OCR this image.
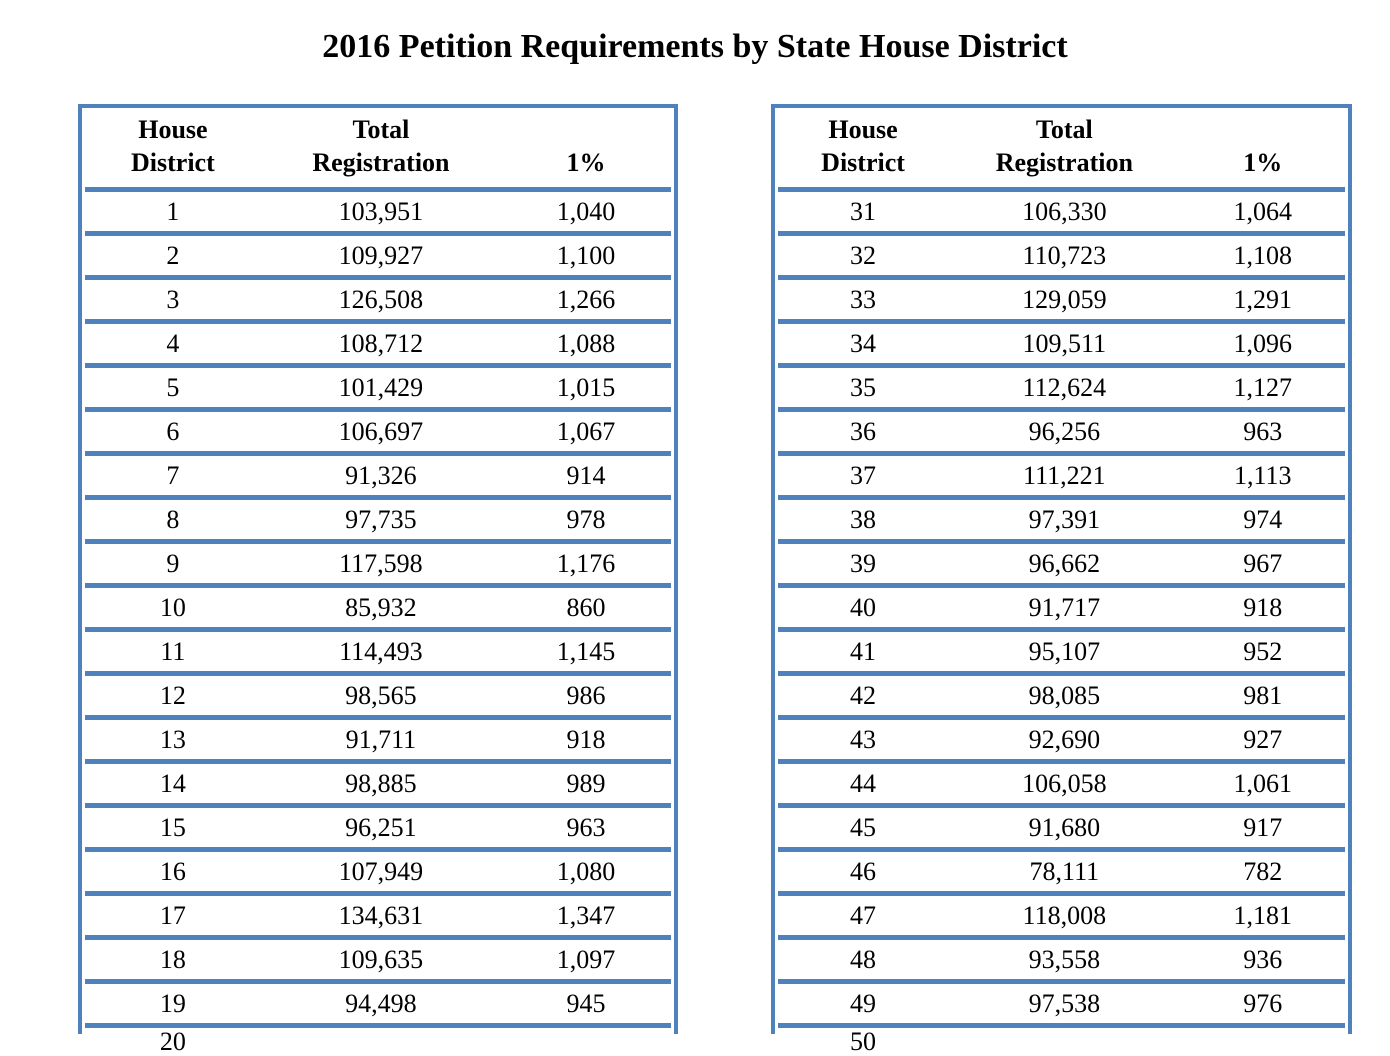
2016 Petition Requirements by State House District
House
District
Total
Registration	1%
1	103,951	1,040
2	109,927	1,100
3	126,508	1,266
4	108,712	1,088
5	101,429	1,015
6	106,697	1,067
7	91,326	914
8	97,735	978
9	117,598	1,176
10	85,932	860
11	114,493	1,145
12	98,565	986
13	91,711	918
14	98,885	989
15	96,251	963
16	107,949	1,080
17	134,631	1,347
18	109,635	1,097
19	94,498	945
20
House
District
Total
Registration	1%
31	106,330	1,064
32	110,723	1,108
33	129,059	1,291
34	109,511	1,096
35	112,624	1,127
36	96,256	963
37	111,221	1,113
38	97,391	974
39	96,662	967
40	91,717	918
41	95,107	952
42	98,085	981
43	92,690	927
44	106,058	1,061
45	91,680	917
46	78,111	782
47	118,008	1,181
48	93,558	936
49	97,538	976
50
